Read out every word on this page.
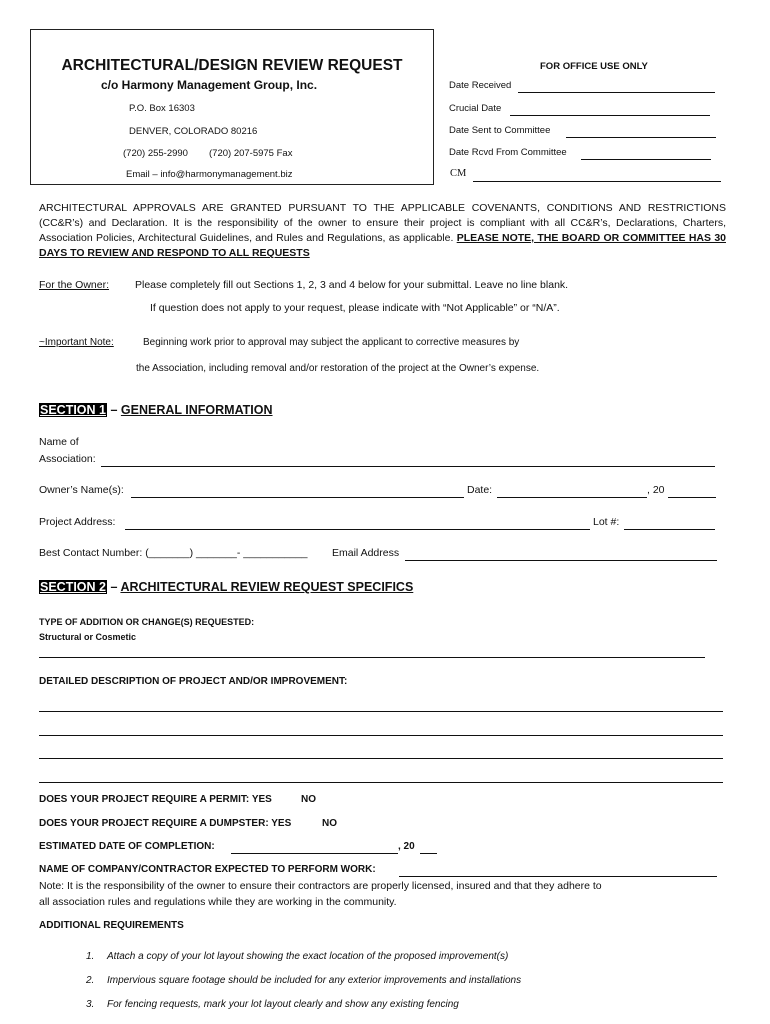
ARCHITECTURAL/DESIGN REVIEW REQUEST
c/o Harmony Management Group, Inc.
P.O. Box 16303
DENVER, COLORADO 80216
(720) 255-2990 (720) 207-5975 Fax
Email – info@harmonymanagement.biz
FOR OFFICE USE ONLY
Date Received
Crucial Date
Date Sent to Committee
Date Rcvd From Committee
CM
ARCHITECTURAL APPROVALS ARE GRANTED PURSUANT TO THE APPLICABLE COVENANTS, CONDITIONS AND RESTRICTIONS (CC&R’s) and Declaration. It is the responsibility of the owner to ensure their project is compliant with all CC&R’s, Declarations, Charters, Association Policies, Architectural Guidelines, and Rules and Regulations, as applicable. PLEASE NOTE, THE BOARD OR COMMITTEE HAS 30 DAYS TO REVIEW AND RESPOND TO ALL REQUESTS
For the Owner: Please completely fill out Sections 1, 2, 3 and 4 below for your submittal. Leave no line blank.
If question does not apply to your request, please indicate with “Not Applicable” or “N/A”.
~Important Note:	Beginning work prior to approval may subject the applicant to corrective measures by
the Association, including removal and/or restoration of the project at the Owner’s expense.
SECTION 1 – GENERAL INFORMATION
Name of
Association:
Owner’s Name(s):	Date:	, 20
Project Address:	Lot #:
Best Contact Number: (_______) _______- ___________ Email Address
SECTION 2 – ARCHITECTURAL REVIEW REQUEST SPECIFICS
TYPE OF ADDITION OR CHANGE(S) REQUESTED:
Structural or Cosmetic
DETAILED DESCRIPTION OF PROJECT AND/OR IMPROVEMENT:
DOES YOUR PROJECT REQUIRE A PERMIT: YES	NO
DOES YOUR PROJECT REQUIRE A DUMPSTER: YES	NO
ESTIMATED DATE OF COMPLETION:	, 20
NAME OF COMPANY/CONTRACTOR EXPECTED TO PERFORM WORK:
Note: It is the responsibility of the owner to ensure their contractors are properly licensed, insured and that they adhere to
all association rules and regulations while they are working in the community.
ADDITIONAL REQUIREMENTS
1. Attach a copy of your lot layout showing the exact location of the proposed improvement(s)
2. Impervious square footage should be included for any exterior improvements and installations
3. For fencing requests, mark your lot layout clearly and show any existing fencing
